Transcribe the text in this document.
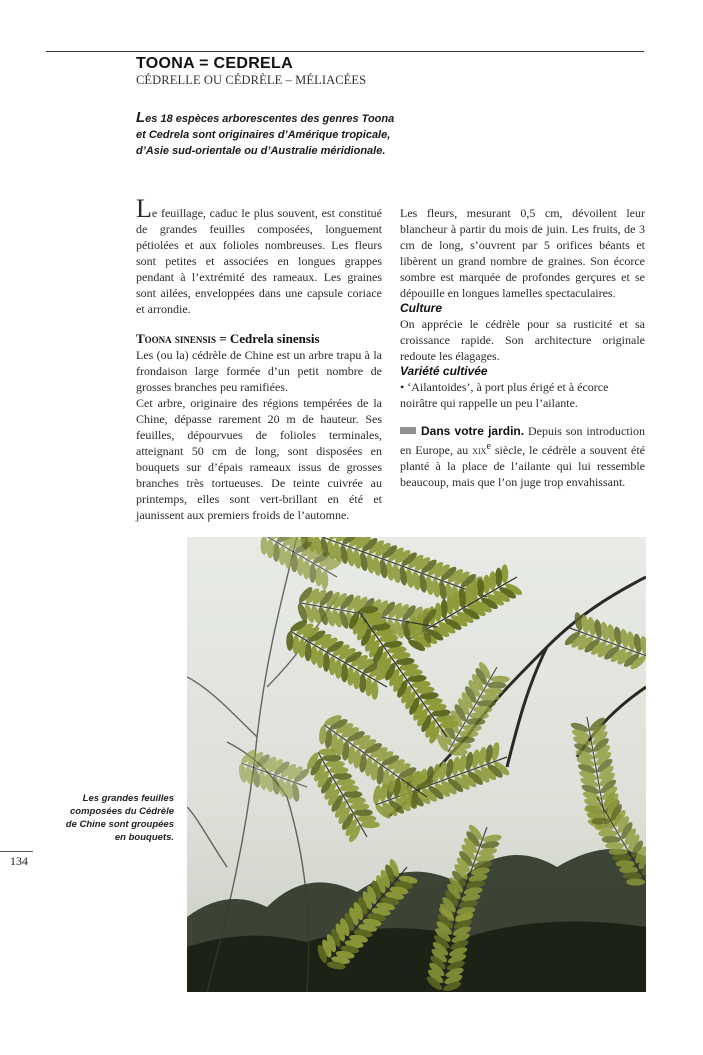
TOONA = CEDRELA
CÉDRELLE OU CÉDRÈLE – MÉLIACÉES
Les 18 espèces arborescentes des genres Toona et Cedrela sont originaires d’Amérique tropicale, d’Asie sud-orientale ou d’Australie méridionale.

Le feuillage, caduc le plus souvent, est constitué de grandes feuilles composées, longuement pétiolées et aux folioles nombreuses. Les fleurs sont petites et associées en longues grappes pendant à l’extrémité des rameaux. Les graines sont ailées, enveloppées dans une capsule coriace et arrondie.

Toona sinensis = Cedrela sinensis

Les (ou la) cédrèle de Chine est un arbre trapu à la frondaison large formée d’un petit nombre de grosses branches peu ramifiées.

Cet arbre, originaire des régions tempérées de la Chine, dépasse rarement 20 m de hauteur. Ses feuilles, dépourvues de folioles terminales, atteignant 50 cm de long, sont disposées en bouquets sur d’épais rameaux issus de grosses branches très tortueuses. De teinte cuivrée au printemps, elles sont vert-brillant en été et jaunissent aux premiers froids de l’automne.

Les fleurs, mesurant 0,5 cm, dévoilent leur blancheur à partir du mois de juin. Les fruits, de 3 cm de long, s’ouvrent par 5 orifices béants et libèrent un grand nombre de graines. Son écorce sombre est marquée de profondes gerçures et se dépouille en longues lamelles spectaculaires.

Culture

On apprécie le cédrèle pour sa rusticité et sa croissance rapide. Son architecture originale redoute les élagages.

Variété cultivée

• ‘Ailantoides’, à port plus érigé et à écorce noirâtre qui rappelle un peu l’ailante.

Dans votre jardin. Depuis son introduction en Europe, au xix$^e$ siècle, le cédrèle a souvent été planté à la place de l’ailante qui lui ressemble beaucoup, mais que l’on juge trop envahissant.

Les grandes feuilles composées du Cédrèle de Chine sont groupées en bouquets.
134
